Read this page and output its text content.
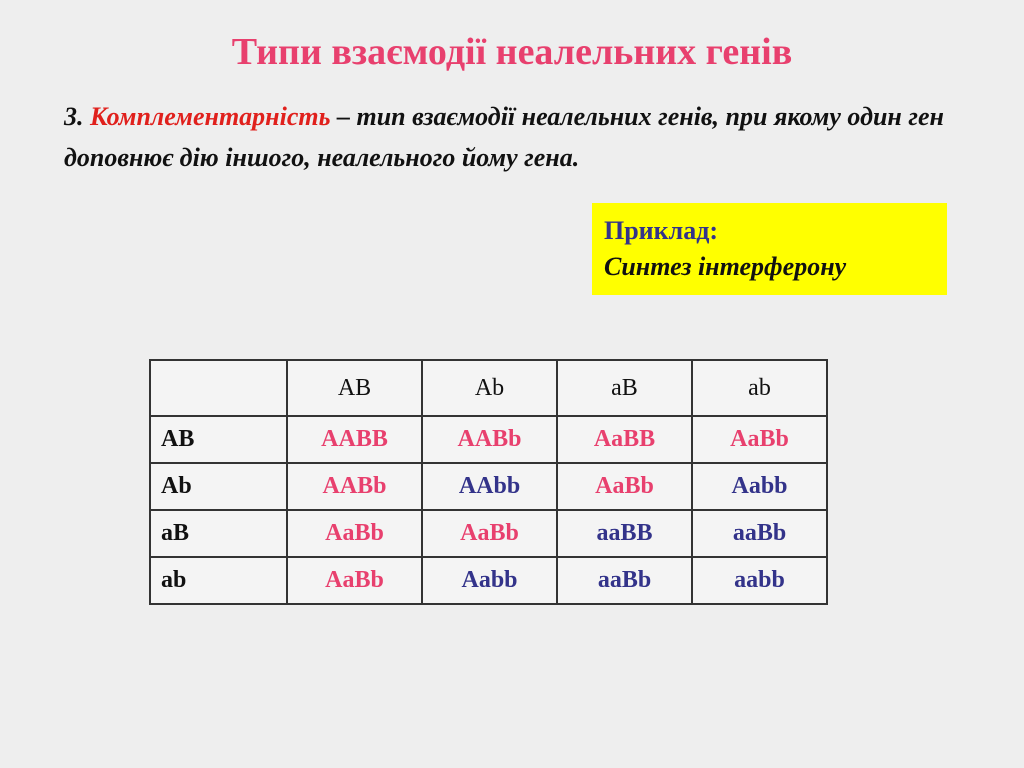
Типи взаємодії неалельних генів
3. Комплементарність – тип взаємодії неалельних генів, при якому один ген доповнює дію іншого, неалельного йому гена.
Приклад:
Синтез інтерферону
	AB	Ab	aB	ab
AB	AABB	AABb	AaBB	AaBb
Ab	AABb	AAbb	AaBb	Aabb
aB	AaBb	AaBb	aaBB	aaBb
ab	AaBb	Aabb	aaBb	aabb
